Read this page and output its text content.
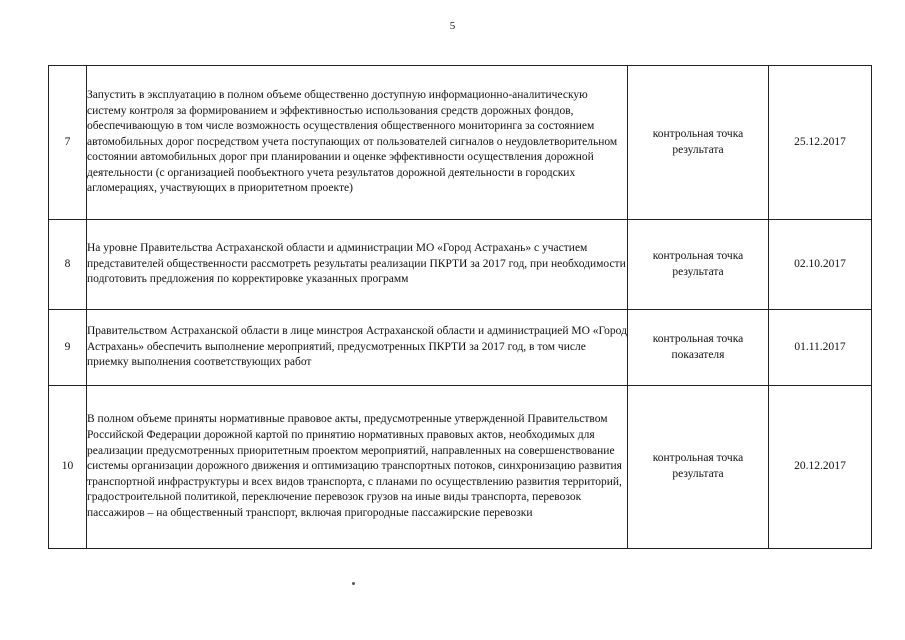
5
7	Запустить в эксплуатацию в полном объеме общественно доступную информационно-аналитическую систему контроля за формированием и эффективностью использования средств дорожных фондов, обеспечивающую в том числе возможность осуществления общественного мониторинга за состоянием автомобильных дорог посредством учета поступающих от пользователей сигналов о неудовлетворительном состоянии автомобильных дорог при планировании и оценке эффективности осуществления дорожной деятельности (с организацией пообъектного учета результатов дорожной деятельности в городских агломерациях, участвующих в приоритетном проекте)	контрольная точка результата	25.12.2017

8	На уровне Правительства Астраханской области и администрации МО «Город Астрахань» с участием представителей общественности рассмотреть результаты реализации ПКРТИ за 2017 год, при необходимости подготовить предложения по корректировке указанных программ	контрольная точка результата	02.10.2017

9	Правительством Астраханской области в лице минстроя Астраханской области и администрацией МО «Город Астрахань» обеспечить выполнение мероприятий, предусмотренных ПКРТИ за 2017 год, в том числе приемку выполнения соответствующих работ	контрольная точка показателя	01.11.2017

10	В полном объеме приняты нормативные правовое акты, предусмотренные утвержденной Правительством Российской Федерации дорожной картой по принятию нормативных правовых актов, необходимых для реализации предусмотренных приоритетным проектом мероприятий, направленных на совершенствование системы организации дорожного движения и оптимизацию транспортных потоков, синхронизацию развития транспортной инфраструктуры и всех видов транспорта, с планами по осуществлению развития территорий, градостроительной политикой, переключение перевозок грузов на иные виды транспорта, перевозок пассажиров – на общественный транспорт, включая пригородные пассажирские перевозки	контрольная точка результата	20.12.2017
